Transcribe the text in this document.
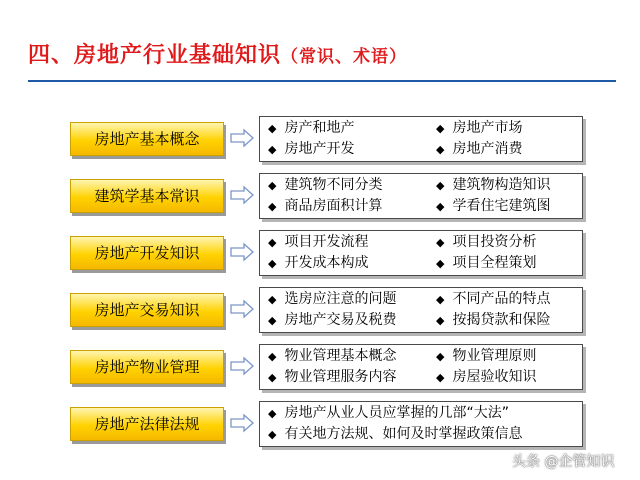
四、房地产行业基础知识（常识、术语）
房地产基本概念
◆ 房产和地产	◆ 房地产市场
◆ 房地产开发	◆ 房地产消费
建筑学基本常识
◆ 建筑物不同分类	◆ 建筑物构造知识
◆ 商品房面积计算	◆ 学看住宅建筑图
房地产开发知识
◆ 项目开发流程	◆ 项目投资分析
◆ 开发成本构成	◆ 项目全程策划
房地产交易知识
◆ 选房应注意的问题	◆ 不同产品的特点
◆ 房地产交易及税费	◆ 按揭贷款和保险
房地产物业管理
◆ 物业管理基本概念	◆ 物业管理原则
◆ 物业管理服务内容	◆ 房屋验收知识
房地产法律法规
◆ 房地产从业人员应掌握的几部“大法”
◆ 有关地方法规、如何及时掌握政策信息
头条 @企管知识
